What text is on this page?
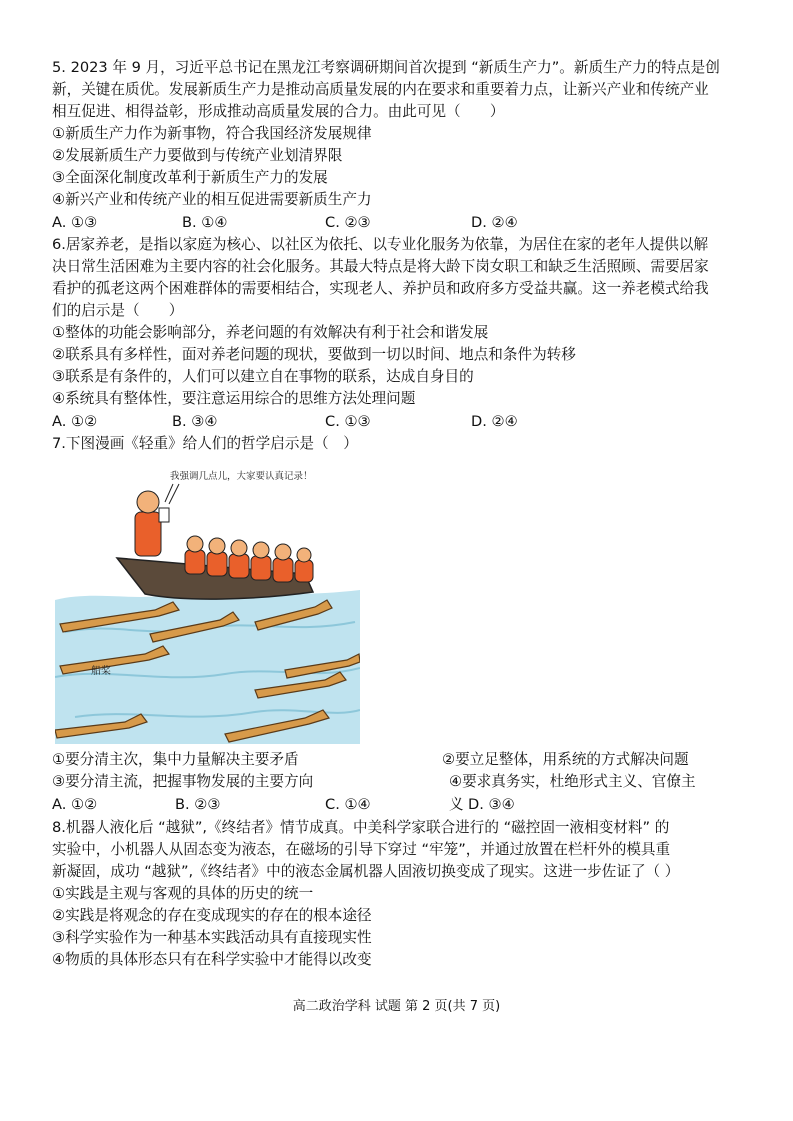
5. 2023 年 9 月，习近平总书记在黑龙江考察调研期间首次提到 “新质生产力”。新质生产力的特点是创
新，关键在质优。发展新质生产力是推动高质量发展的内在要求和重要着力点，让新兴产业和传统产业
相互促进、相得益彰，形成推动高质量发展的合力。由此可见（　　）
①新质生产力作为新事物，符合我国经济发展规律
②发展新质生产力要做到与传统产业划清界限
③全面深化制度改革利于新质生产力的发展
④新兴产业和传统产业的相互促进需要新质生产力
A. ①③	B. ①④	C. ②③	D. ②④
6.居家养老，是指以家庭为核心、以社区为依托、以专业化服务为依靠，为居住在家的老年人提供以解
决日常生活困难为主要内容的社会化服务。其最大特点是将大龄下岗女职工和缺乏生活照顾、需要居家
看护的孤老这两个困难群体的需要相结合，实现老人、养护员和政府多方受益共赢。这一养老模式给我
们的启示是（　　）
①整体的功能会影响部分，养老问题的有效解决有利于社会和谐发展
②联系具有多样性，面对养老问题的现状，要做到一切以时间、地点和条件为转移
③联系是有条件的，人们可以建立自在事物的联系，达成自身目的
④系统具有整体性，要注意运用综合的思维方法处理问题
A. ①②	B. ③④	C. ①③	D. ②④
7.下图漫画《轻重》给人们的哲学启示是（　）
我强调几点儿，大家要认真记录！
船桨
①要分清主次，集中力量解决主要矛盾	②要立足整体，用系统的方式解决问题
③要分清主流，把握事物发展的主要方向	④要求真务实，杜绝形式主义、官僚主
A. ①②	B. ②③	C. ①④	义 D. ③④
8.机器人液化后 “越狱”,《终结者》情节成真。中美科学家联合进行的 “磁控固一液相变材料” 的
实验中，小机器人从固态变为液态，在磁场的引导下穿过 “牢笼”，并通过放置在栏杆外的模具重
新凝固，成功 “越狱”,《终结者》中的液态金属机器人固液切换变成了现实。这进一步佐证了（ ）
①实践是主观与客观的具体的历史的统一
②实践是将观念的存在变成现实的存在的根本途径
③科学实验作为一种基本实践活动具有直接现实性
④物质的具体形态只有在科学实验中才能得以改变
高二政治学科 试题 第 2 页(共 7 页)
